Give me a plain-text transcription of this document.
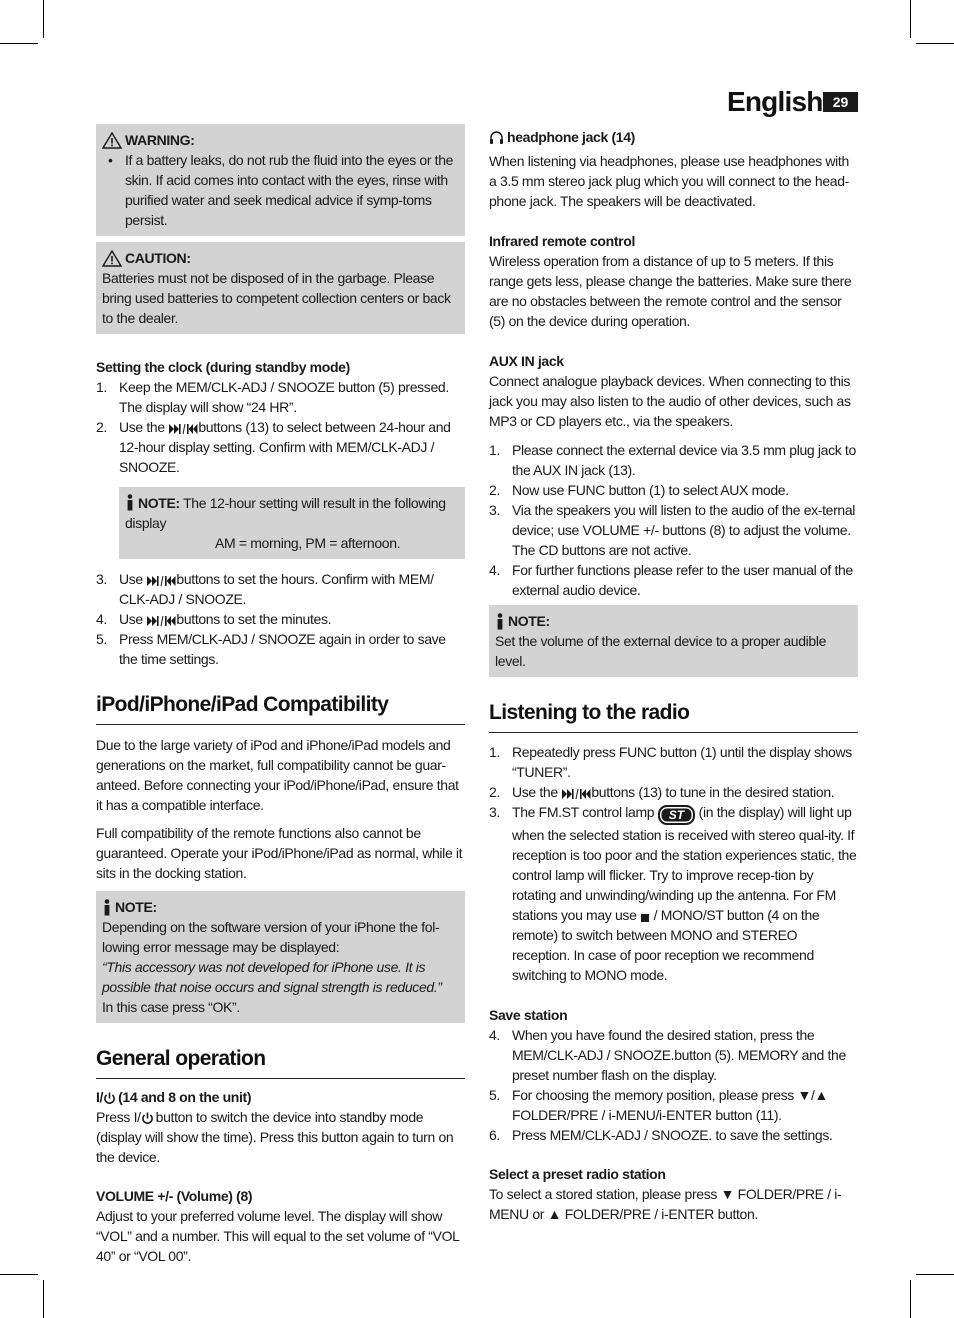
English 29
WARNING:
• If a battery leaks, do not rub the fluid into the eyes or the skin. If acid comes into contact with the eyes, rinse with purified water and seek medical advice if symp-toms persist.
CAUTION:

Batteries must not be disposed of in the garbage. Please bring used batteries to competent collection centers or back to the dealer.

Setting the clock (during standby mode)

1. Keep the MEM/CLK-ADJ / SNOOZE button (5) pressed. The display will show “24 HR”.
2. Use the buttons (13) to select between 24-hour and 12-hour display setting. Confirm with MEM/CLK-ADJ / SNOOZE.
NOTE: The 12-hour setting will result in the following display

AM = morning, PM = afternoon.

3. Use buttons to set the hours. Confirm with MEM/ CLK-ADJ / SNOOZE.
4. Use buttons to set the minutes.
5. Press MEM/CLK-ADJ / SNOOZE again in order to save the time settings.
iPod/iPhone/iPad Compatibility

Due to the large variety of iPod and iPhone/iPad models and generations on the market, full compatibility cannot be guar-anteed. Before connecting your iPod/iPhone/iPad, ensure that it has a compatible interface.

Full compatibility of the remote functions also cannot be guaranteed. Operate your iPod/iPhone/iPad as normal, while it sits in the docking station.

NOTE:

Depending on the software version of your iPhone the fol-lowing error message may be displayed:

“This accessory was not developed for iPhone use. It is possible that noise occurs and signal strength is reduced.”

In this case press “OK”.

General operation

I/ (14 and 8 on the unit)

Press I/ button to switch the device into standby mode (display will show the time). Press this button again to turn on the device.

VOLUME +/- (Volume) (8)

Adjust to your preferred volume level. The display will show “VOL” and a number. This will equal to the set volume of “VOL 40” or “VOL 00”.

headphone jack (14)

When listening via headphones, please use headphones with a 3.5 mm stereo jack plug which you will connect to the head-phone jack. The speakers will be deactivated.

Infrared remote control

Wireless operation from a distance of up to 5 meters. If this range gets less, please change the batteries. Make sure there are no obstacles between the remote control and the sensor (5) on the device during operation.

AUX IN jack

Connect analogue playback devices. When connecting to this jack you may also listen to the audio of other devices, such as MP3 or CD players etc., via the speakers.

1. Please connect the external device via 3.5 mm plug jack to the AUX IN jack (13).
2. Now use FUNC button (1) to select AUX mode.
3. Via the speakers you will listen to the audio of the ex-ternal device; use VOLUME +/- buttons (8) to adjust the volume. The CD buttons are not active.
4. For further functions please refer to the user manual of the external audio device.
NOTE:

Set the volume of the external device to a proper audible level.

Listening to the radio
1. Repeatedly press FUNC button (1) until the display shows “TUNER”.
2. Use the buttons (13) to tune in the desired station.
3. The FM.ST control lamp ST (in the display) will light up when the selected station is received with stereo qual-ity. If reception is too poor and the station experiences static, the control lamp will flicker. Try to improve recep-tion by rotating and unwinding/winding up the antenna. For FM stations you may use / MONO/ST button (4 on the remote) to switch between MONO and STEREO reception. In case of poor reception we recommend switching to MONO mode.

Save station

4. When you have found the desired station, press the MEM/CLK-ADJ / SNOOZE.button (5). MEMORY and the preset number flash on the display.
5. For choosing the memory position, please press ▼/▲ FOLDER/PRE / i-MENU/i-ENTER button (11).
6. Press MEM/CLK-ADJ / SNOOZE. to save the settings.

Select a preset radio station

To select a stored station, please press ▼ FOLDER/PRE / i-MENU or ▲ FOLDER/PRE / i-ENTER button.
